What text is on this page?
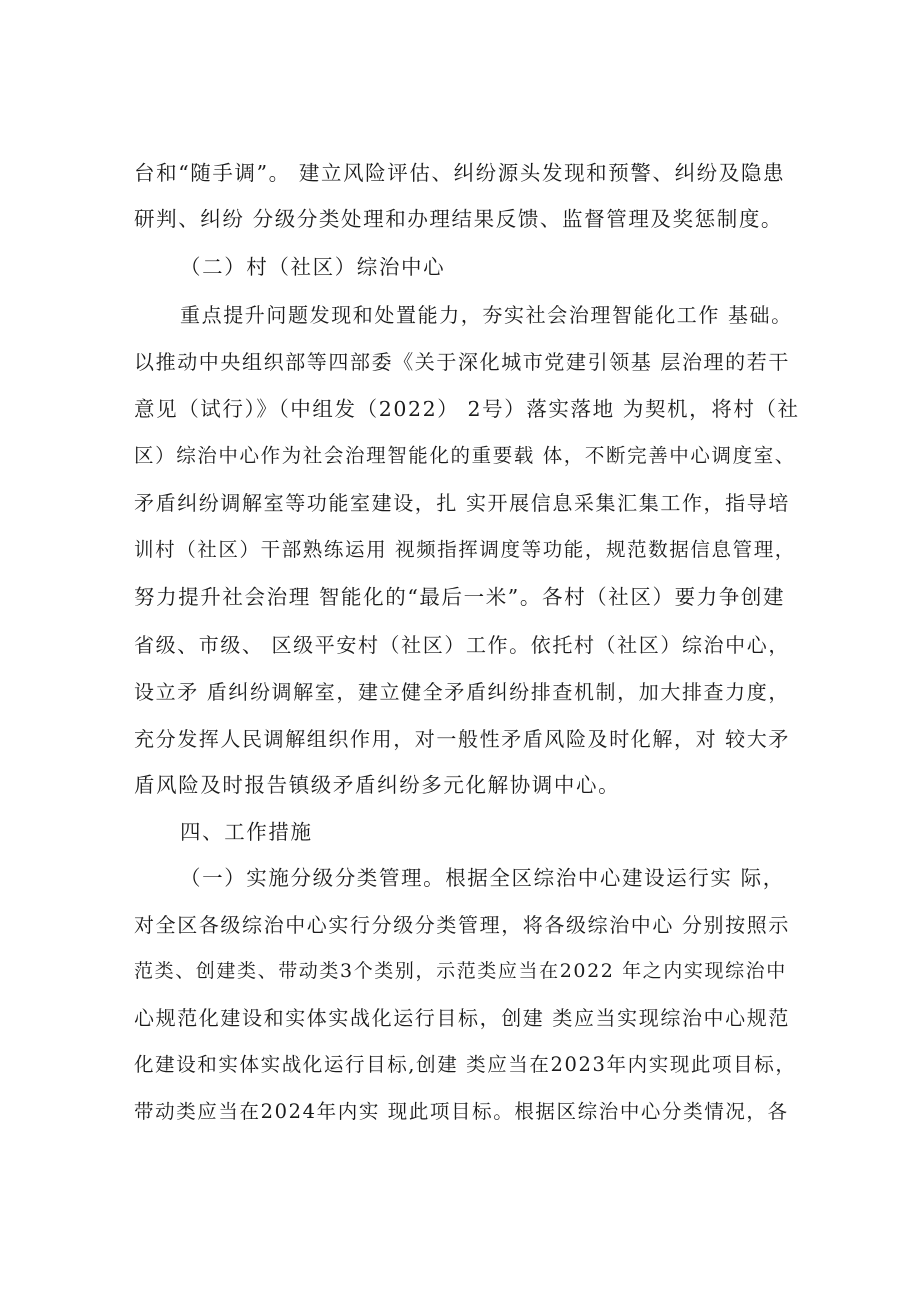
台和“随手调”。 建立风险评估、纠纷源头发现和预警、纠纷及隐患
研判、纠纷 分级分类处理和办理结果反馈、监督管理及奖惩制度。
（二）村（社区）综治中心
重点提升问题发现和处置能力，夯实社会治理智能化工作 基础。
以推动中央组织部等四部委《关于深化城市党建引领基 层治理的若干
意见（试行）》（中组发（2022） 2号）落实落地 为契机，将村（社
区）综治中心作为社会治理智能化的重要载 体，不断完善中心调度室、
矛盾纠纷调解室等功能室建设，扎 实开展信息采集汇集工作，指导培
训村（社区）干部熟练运用 视频指挥调度等功能，规范数据信息管理，
努力提升社会治理 智能化的“最后一米”。各村（社区）要力争创建
省级、市级、 区级平安村（社区）工作。依托村（社区）综治中心，
设立矛 盾纠纷调解室，建立健全矛盾纠纷排查机制，加大排查力度，
充分发挥人民调解组织作用，对一般性矛盾风险及时化解，对 较大矛
盾风险及时报告镇级矛盾纠纷多元化解协调中心。
四、工作措施
（一）实施分级分类管理。根据全区综治中心建设运行实 际，
对全区各级综治中心实行分级分类管理，将各级综治中心 分别按照示
范类、创建类、带动类3个类别，示范类应当在2022 年之内实现综治中
心规范化建设和实体实战化运行目标，创建 类应当实现综治中心规范
化建设和实体实战化运行目标,创建 类应当在2023年内实现此项目标，
带动类应当在2024年内实 现此项目标。根据区综治中心分类情况，各
